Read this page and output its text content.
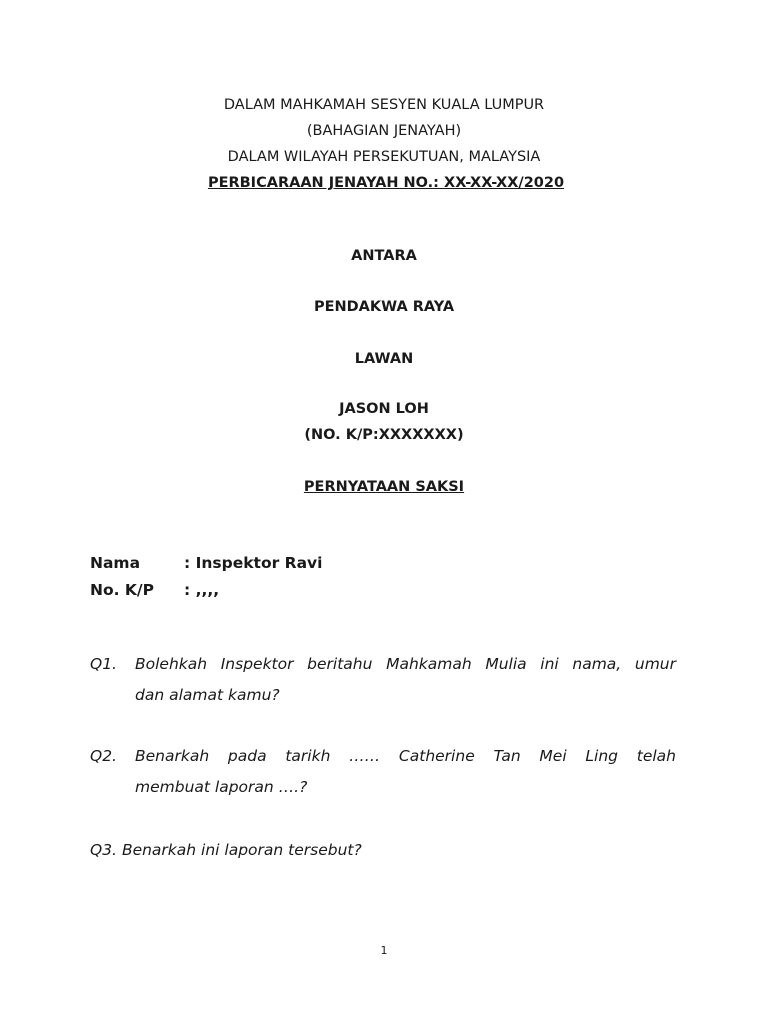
DALAM MAHKAMAH SESYEN KUALA LUMPUR
(BAHAGIAN JENAYAH)
DALAM WILAYAH PERSEKUTUAN, MALAYSIA
PERBICARAAN JENAYAH NO.: XX-XX-XX/2020
ANTARA
PENDAKWA RAYA
LAWAN
JASON LOH
(NO. K/P:XXXXXXX)
PERNYATAAN SAKSI
Nama	: Inspektor Ravi
No. K/P	: ,,,,
Q1.	Bolehkah Inspektor beritahu Mahkamah Mulia ini nama, umur
dan alamat kamu?
Q2.	Benarkah pada tarikh …… Catherine Tan Mei Ling telah
membuat laporan ….?
Q3.
Benarkah ini laporan tersebut?
1
